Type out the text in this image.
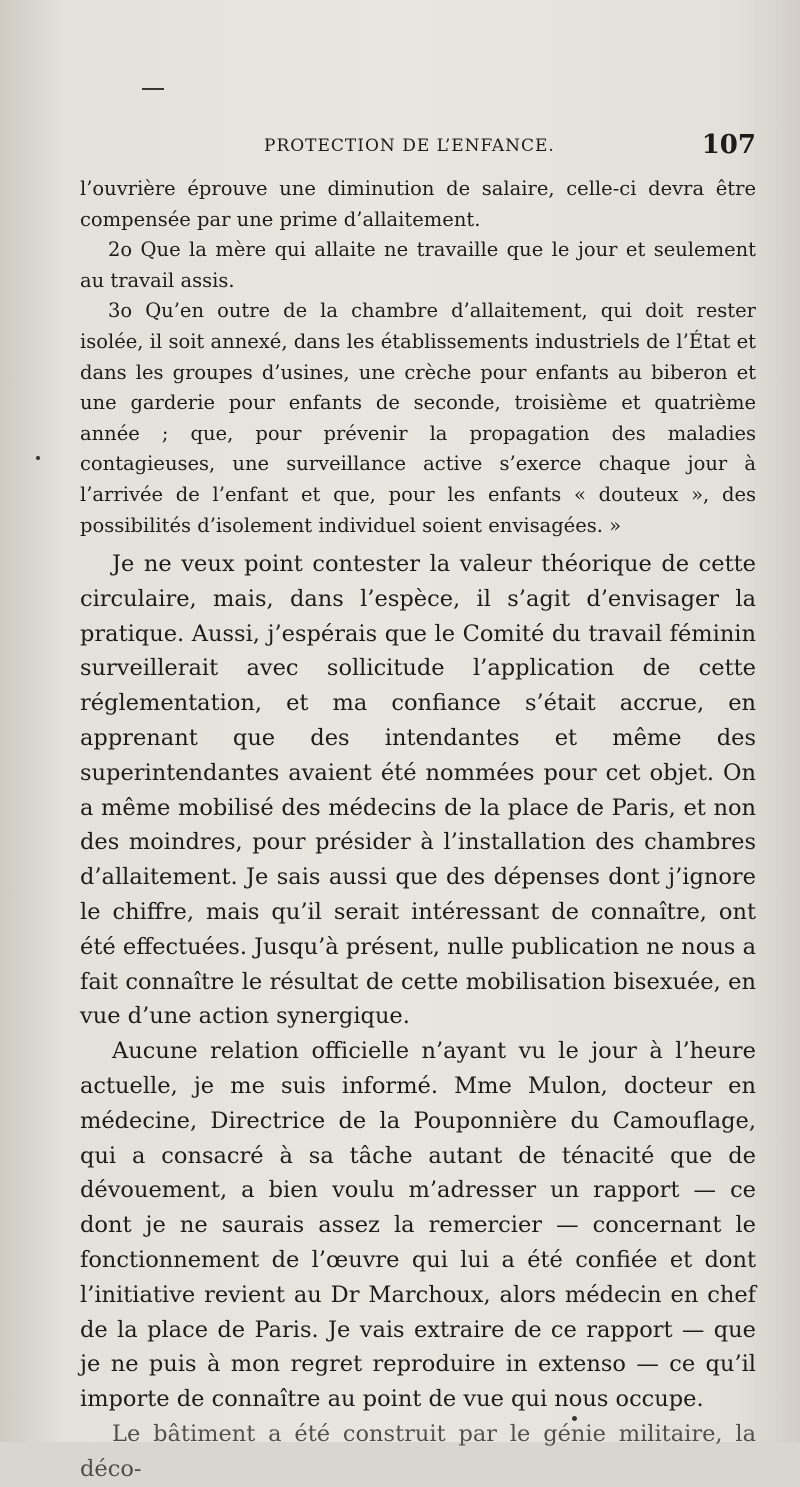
PROTECTION DE L’ENFANCE.	107

l’ouvrière éprouve une diminution de salaire, celle-ci devra être compensée par une prime d’allaitement.

2o Que la mère qui allaite ne travaille que le jour et seulement au travail assis.

3o Qu’en outre de la chambre d’allaitement, qui doit rester isolée, il soit annexé, dans les établissements industriels de l’État et dans les groupes d’usines, une crèche pour enfants au biberon et une garderie pour enfants de seconde, troisième et quatrième année ; que, pour prévenir la propagation des maladies contagieuses, une surveillance active s’exerce chaque jour à l’arrivée de l’enfant et que, pour les enfants « douteux », des possibilités d’isolement individuel soient envisagées. »

Je ne veux point contester la valeur théorique de cette circulaire, mais, dans l’espèce, il s’agit d’envisager la pratique. Aussi, j’espérais que le Comité du travail féminin surveillerait avec sollicitude l’application de cette réglementation, et ma confiance s’était accrue, en apprenant que des intendantes et même des superintendantes avaient été nommées pour cet objet. On a même mobilisé des médecins de la place de Paris, et non des moindres, pour présider à l’installation des chambres d’allaitement. Je sais aussi que des dépenses dont j’ignore le chiffre, mais qu’il serait intéressant de connaître, ont été effectuées. Jusqu’à présent, nulle publication ne nous a fait connaître le résultat de cette mobilisation bisexuée, en vue d’une action synergique.

Aucune relation officielle n’ayant vu le jour à l’heure actuelle, je me suis informé. Mme Mulon, docteur en médecine, Directrice de la Pouponnière du Camouflage, qui a consacré à sa tâche autant de ténacité que de dévouement, a bien voulu m’adresser un rapport — ce dont je ne saurais assez la remercier — concernant le fonctionnement de l’œuvre qui lui a été confiée et dont l’initiative revient au Dr Marchoux, alors médecin en chef de la place de Paris. Je vais extraire de ce rapport — que je ne puis à mon regret reproduire in extenso — ce qu’il importe de connaître au point de vue qui nous occupe.

Le bâtiment a été construit par le génie militaire, la déco-
